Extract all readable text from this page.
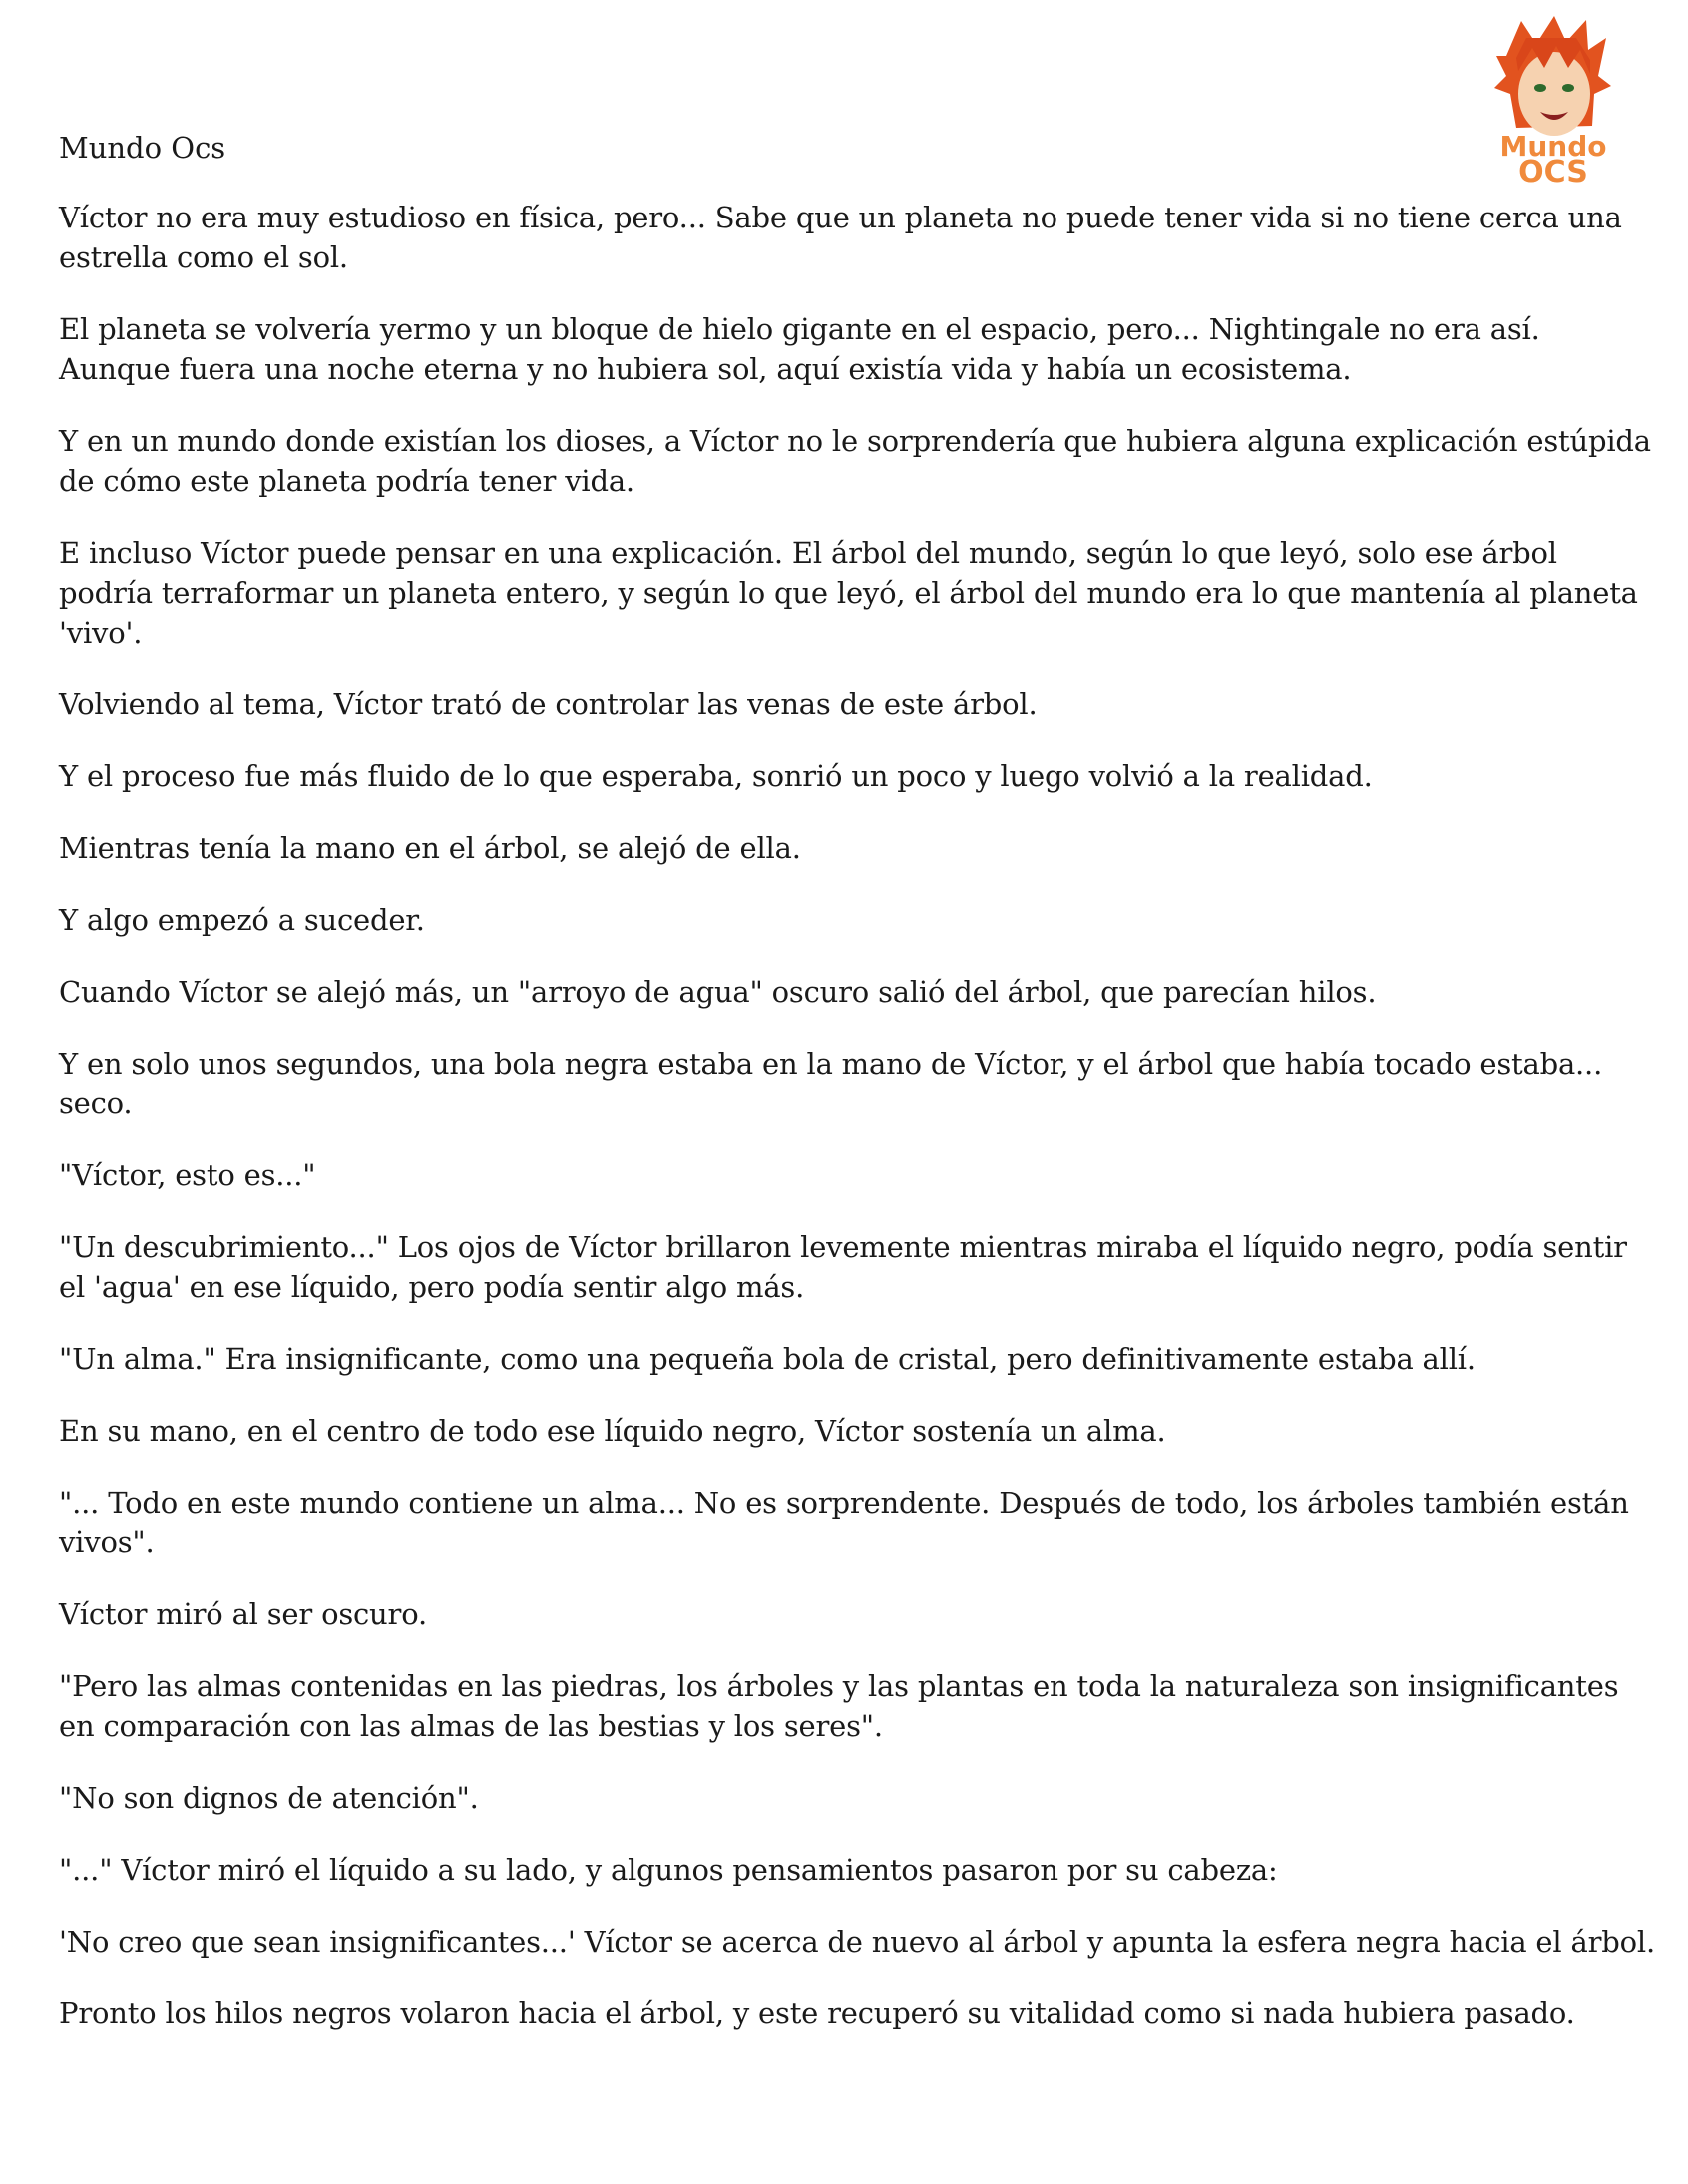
Mundo
OCS
Mundo Ocs

Víctor no era muy estudioso en física, pero... Sabe que un planeta no puede tener vida si no tiene cerca una estrella como el sol.

El planeta se volvería yermo y un bloque de hielo gigante en el espacio, pero... Nightingale no era así. Aunque fuera una noche eterna y no hubiera sol, aquí existía vida y había un ecosistema.

Y en un mundo donde existían los dioses, a Víctor no le sorprendería que hubiera alguna explicación estúpida de cómo este planeta podría tener vida.

E incluso Víctor puede pensar en una explicación. El árbol del mundo, según lo que leyó, solo ese árbol podría terraformar un planeta entero, y según lo que leyó, el árbol del mundo era lo que mantenía al planeta 'vivo'.

Volviendo al tema, Víctor trató de controlar las venas de este árbol.

Y el proceso fue más fluido de lo que esperaba, sonrió un poco y luego volvió a la realidad.

Mientras tenía la mano en el árbol, se alejó de ella.

Y algo empezó a suceder.

Cuando Víctor se alejó más, un "arroyo de agua" oscuro salió del árbol, que parecían hilos.

Y en solo unos segundos, una bola negra estaba en la mano de Víctor, y el árbol que había tocado estaba... seco.

"Víctor, esto es..."

"Un descubrimiento..." Los ojos de Víctor brillaron levemente mientras miraba el líquido negro, podía sentir el 'agua' en ese líquido, pero podía sentir algo más.

"Un alma." Era insignificante, como una pequeña bola de cristal, pero definitivamente estaba allí.

En su mano, en el centro de todo ese líquido negro, Víctor sostenía un alma.

"... Todo en este mundo contiene un alma... No es sorprendente. Después de todo, los árboles también están vivos".

Víctor miró al ser oscuro.

"Pero las almas contenidas en las piedras, los árboles y las plantas en toda la naturaleza son insignificantes en comparación con las almas de las bestias y los seres".

"No son dignos de atención".

"..." Víctor miró el líquido a su lado, y algunos pensamientos pasaron por su cabeza:

'No creo que sean insignificantes...' Víctor se acerca de nuevo al árbol y apunta la esfera negra hacia el árbol.

Pronto los hilos negros volaron hacia el árbol, y este recuperó su vitalidad como si nada hubiera pasado.
